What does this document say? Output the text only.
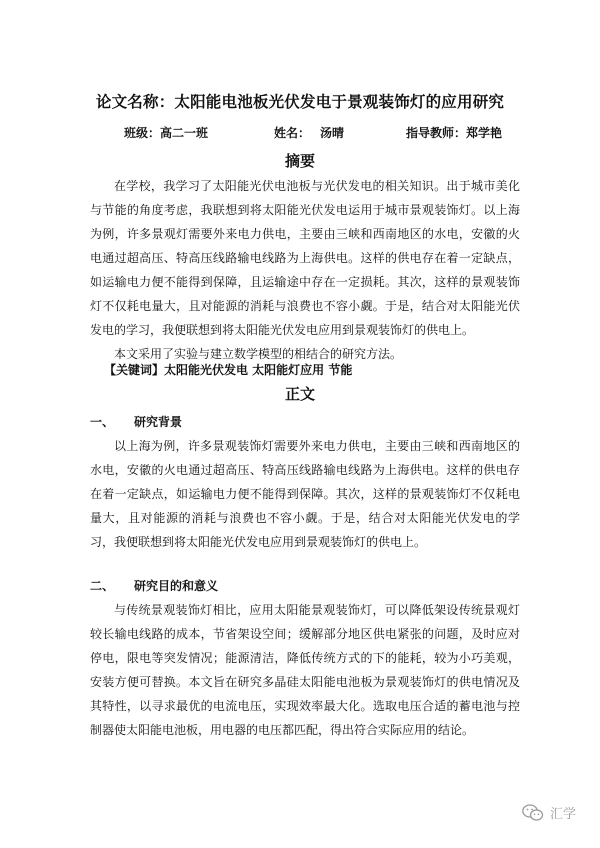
论文名称：太阳能电池板光伏发电于景观装饰灯的应用研究
班级：高二一班	姓名： 汤晴	指导教师：郑学艳
摘要

在学校，我学习了太阳能光伏电池板与光伏发电的相关知识。出于城市美化与节能的角度考虑，我联想到将太阳能光伏发电运用于城市景观装饰灯。以上海为例，许多景观灯需要外来电力供电，主要由三峡和西南地区的水电，安徽的火电通过超高压、特高压线路输电线路为上海供电。这样的供电存在着一定缺点，如运输电力便不能得到保障，且运输途中存在一定损耗。其次，这样的景观装饰灯不仅耗电量大，且对能源的消耗与浪费也不容小觑。于是，结合对太阳能光伏发电的学习，我便联想到将太阳能光伏发电应用到景观装饰灯的供电上。

本文采用了实验与建立数学模型的相结合的研究方法。

【关键词】太阳能光伏发电 太阳能灯应用 节能
正文
一、 研究背景

以上海为例，许多景观装饰灯需要外来电力供电，主要由三峡和西南地区的水电，安徽的火电通过超高压、特高压线路输电线路为上海供电。这样的供电存在着一定缺点，如运输电力便不能得到保障。其次，这样的景观装饰灯不仅耗电量大，且对能源的消耗与浪费也不容小觑。于是，结合对太阳能光伏发电的学习，我便联想到将太阳能光伏发电应用到景观装饰灯的供电上。

二、 研究目的和意义

与传统景观装饰灯相比，应用太阳能景观装饰灯，可以降低架设传统景观灯较长输电线路的成本，节省架设空间；缓解部分地区供电紧张的问题，及时应对停电，限电等突发情况；能源清洁，降低传统方式的下的能耗，较为小巧美观，安装方便可替换。本文旨在研究多晶硅太阳能电池板为景观装饰灯的供电情况及其特性，以寻求最优的电流电压，实现效率最大化。选取电压合适的蓄电池与控制器使太阳能电池板，用电器的电压都匹配，得出符合实际应用的结论。

汇学
